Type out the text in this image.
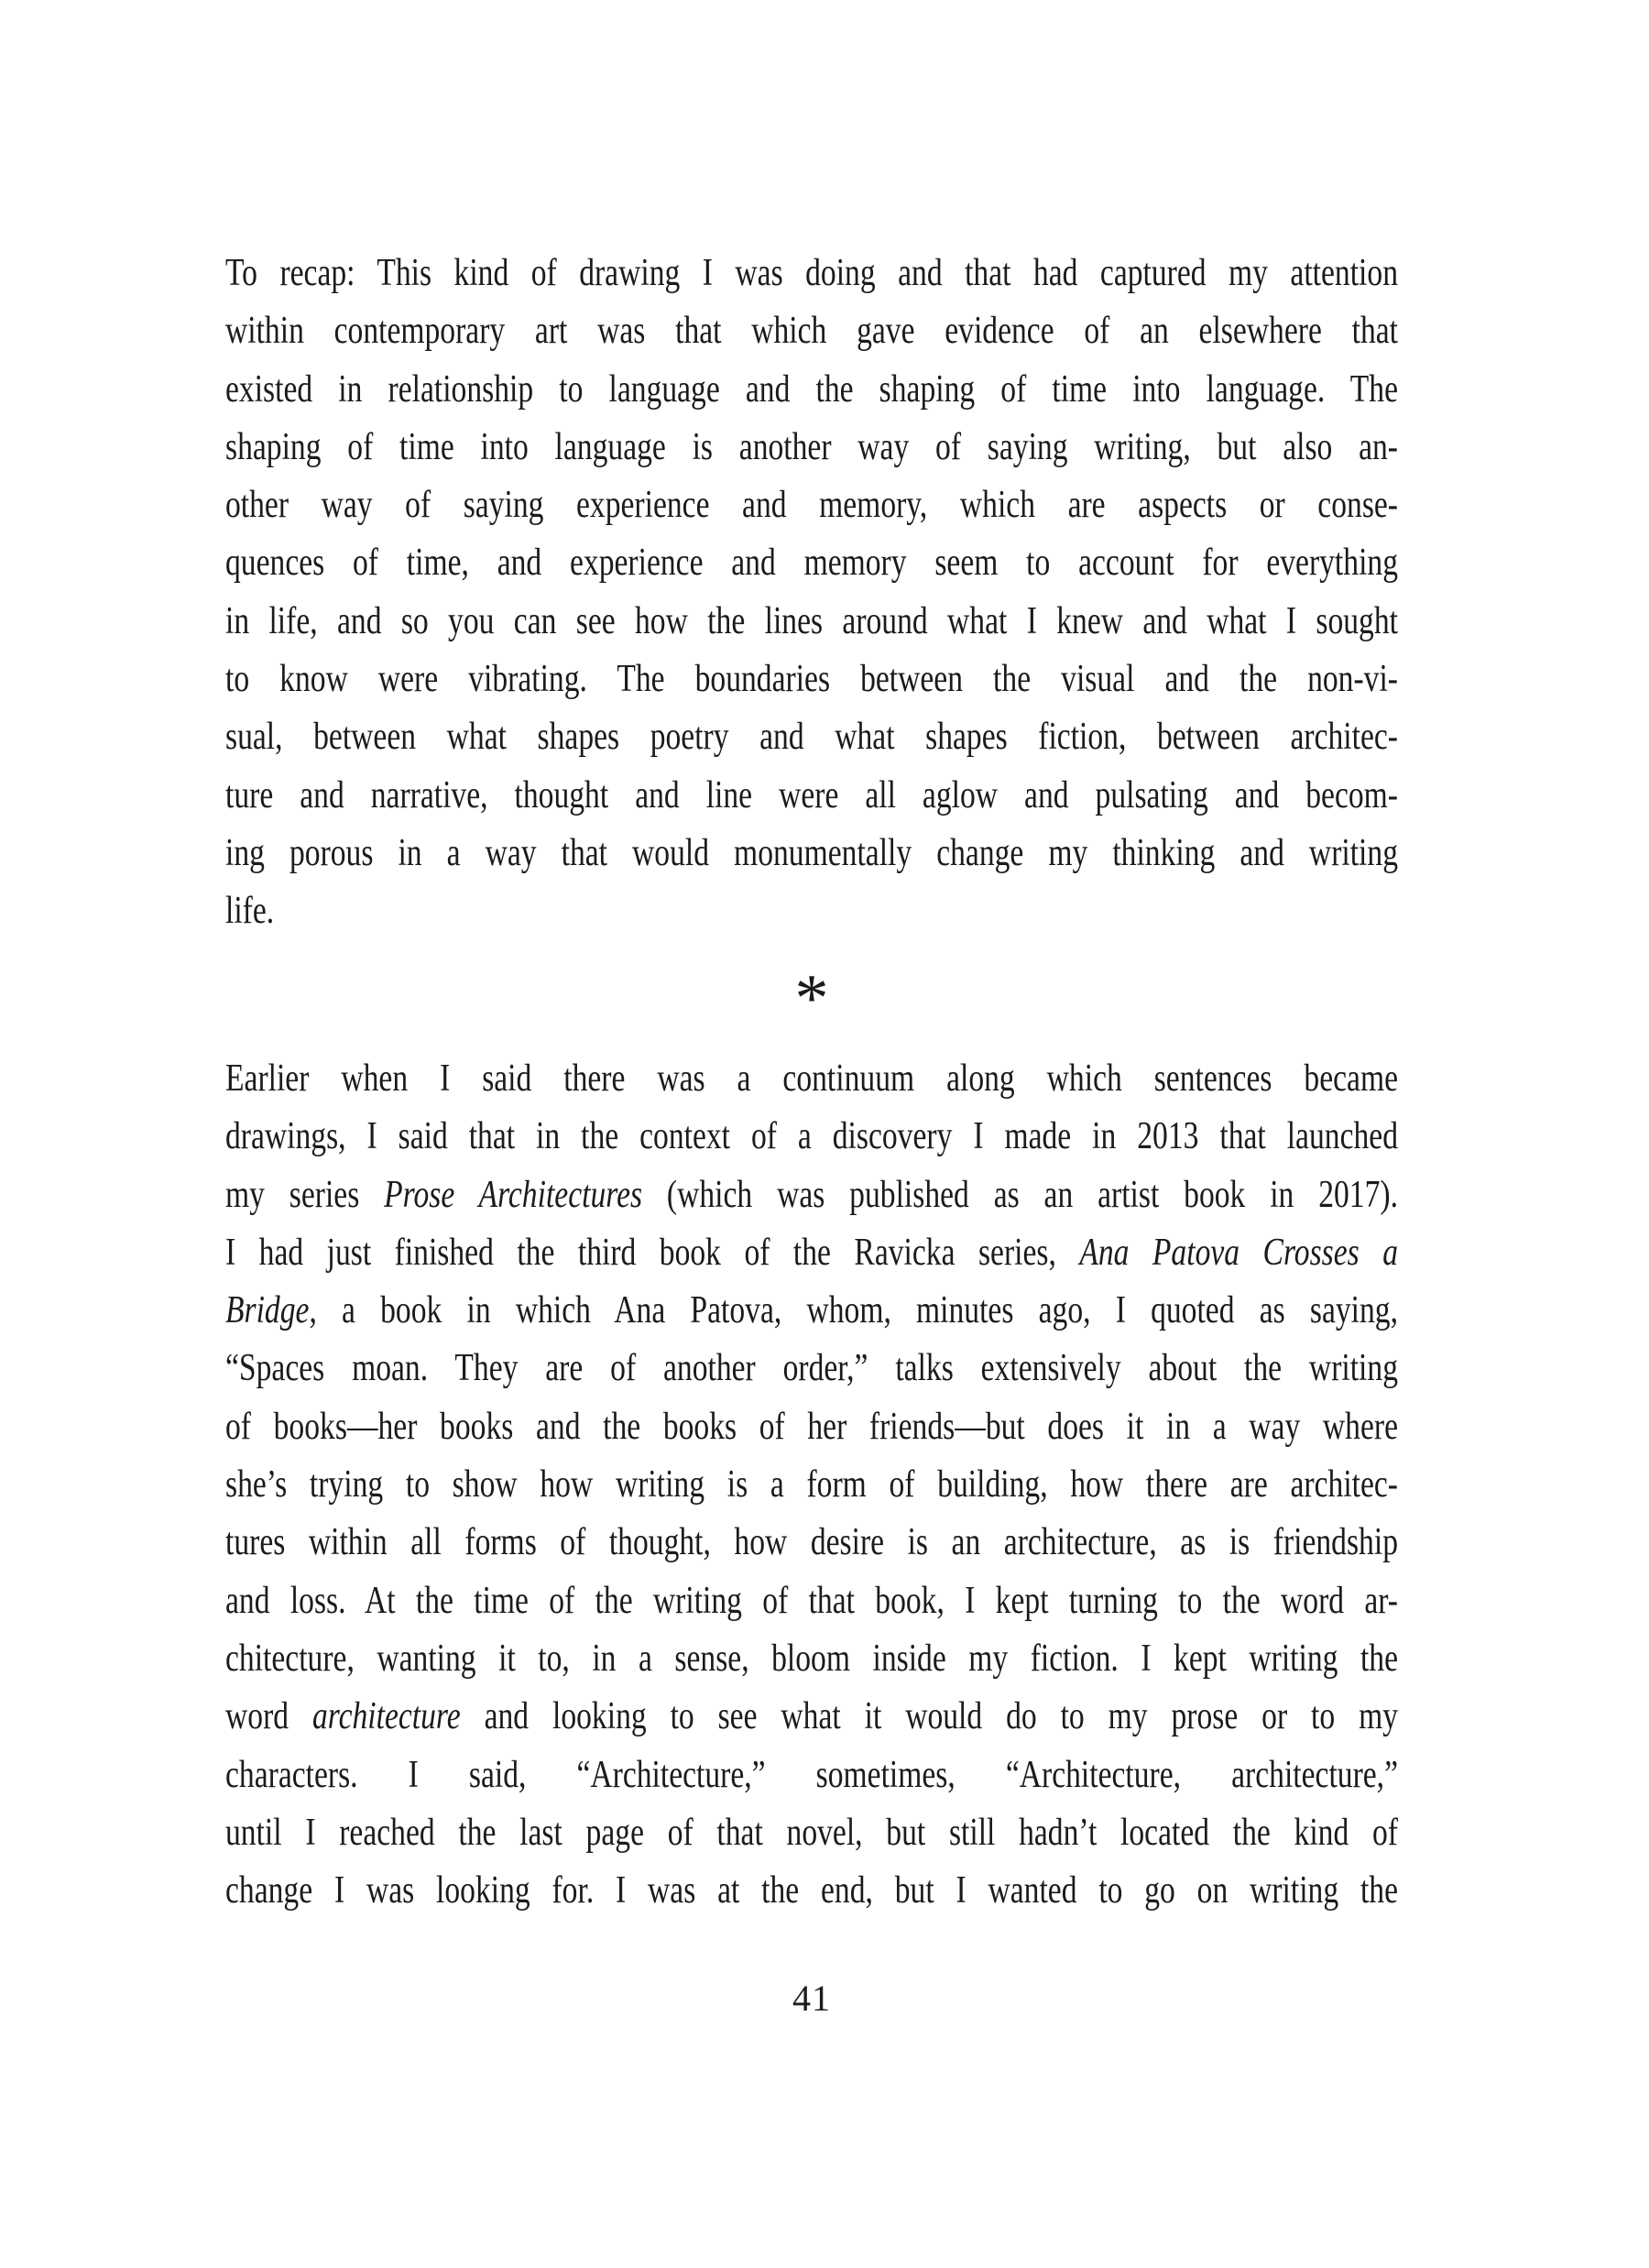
To recap: This kind of drawing I was doing and that had captured my attention
within contemporary art was that which gave evidence of an elsewhere that
existed in relationship to language and the shaping of time into language. The
shaping of time into language is another way of saying writing, but also an-
other way of saying experience and memory, which are aspects or conse-
quences of time, and experience and memory seem to account for everything
in life, and so you can see how the lines around what I knew and what I sought
to know were vibrating. The boundaries between the visual and the non-vi-
sual, between what shapes poetry and what shapes fiction, between architec-
ture and narrative, thought and line were all aglow and pulsating and becom-
ing porous in a way that would monumentally change my thinking and writing
life.
*
Earlier when I said there was a continuum along which sentences became
drawings, I said that in the context of a discovery I made in 2013 that launched
my series Prose Architectures (which was published as an artist book in 2017).
I had just finished the third book of the Ravicka series, Ana Patova Crosses a
Bridge, a book in which Ana Patova, whom, minutes ago, I quoted as saying,
“Spaces moan. They are of another order,” talks extensively about the writing
of books—her books and the books of her friends—but does it in a way where
she’s trying to show how writing is a form of building, how there are architec-
tures within all forms of thought, how desire is an architecture, as is friendship
and loss. At the time of the writing of that book, I kept turning to the word ar-
chitecture, wanting it to, in a sense, bloom inside my fiction. I kept writing the
word architecture and looking to see what it would do to my prose or to my
characters. I said, “Architecture,” sometimes, “Architecture, architecture,”
until I reached the last page of that novel, but still hadn’t located the kind of
change I was looking for. I was at the end, but I wanted to go on writing the
41
